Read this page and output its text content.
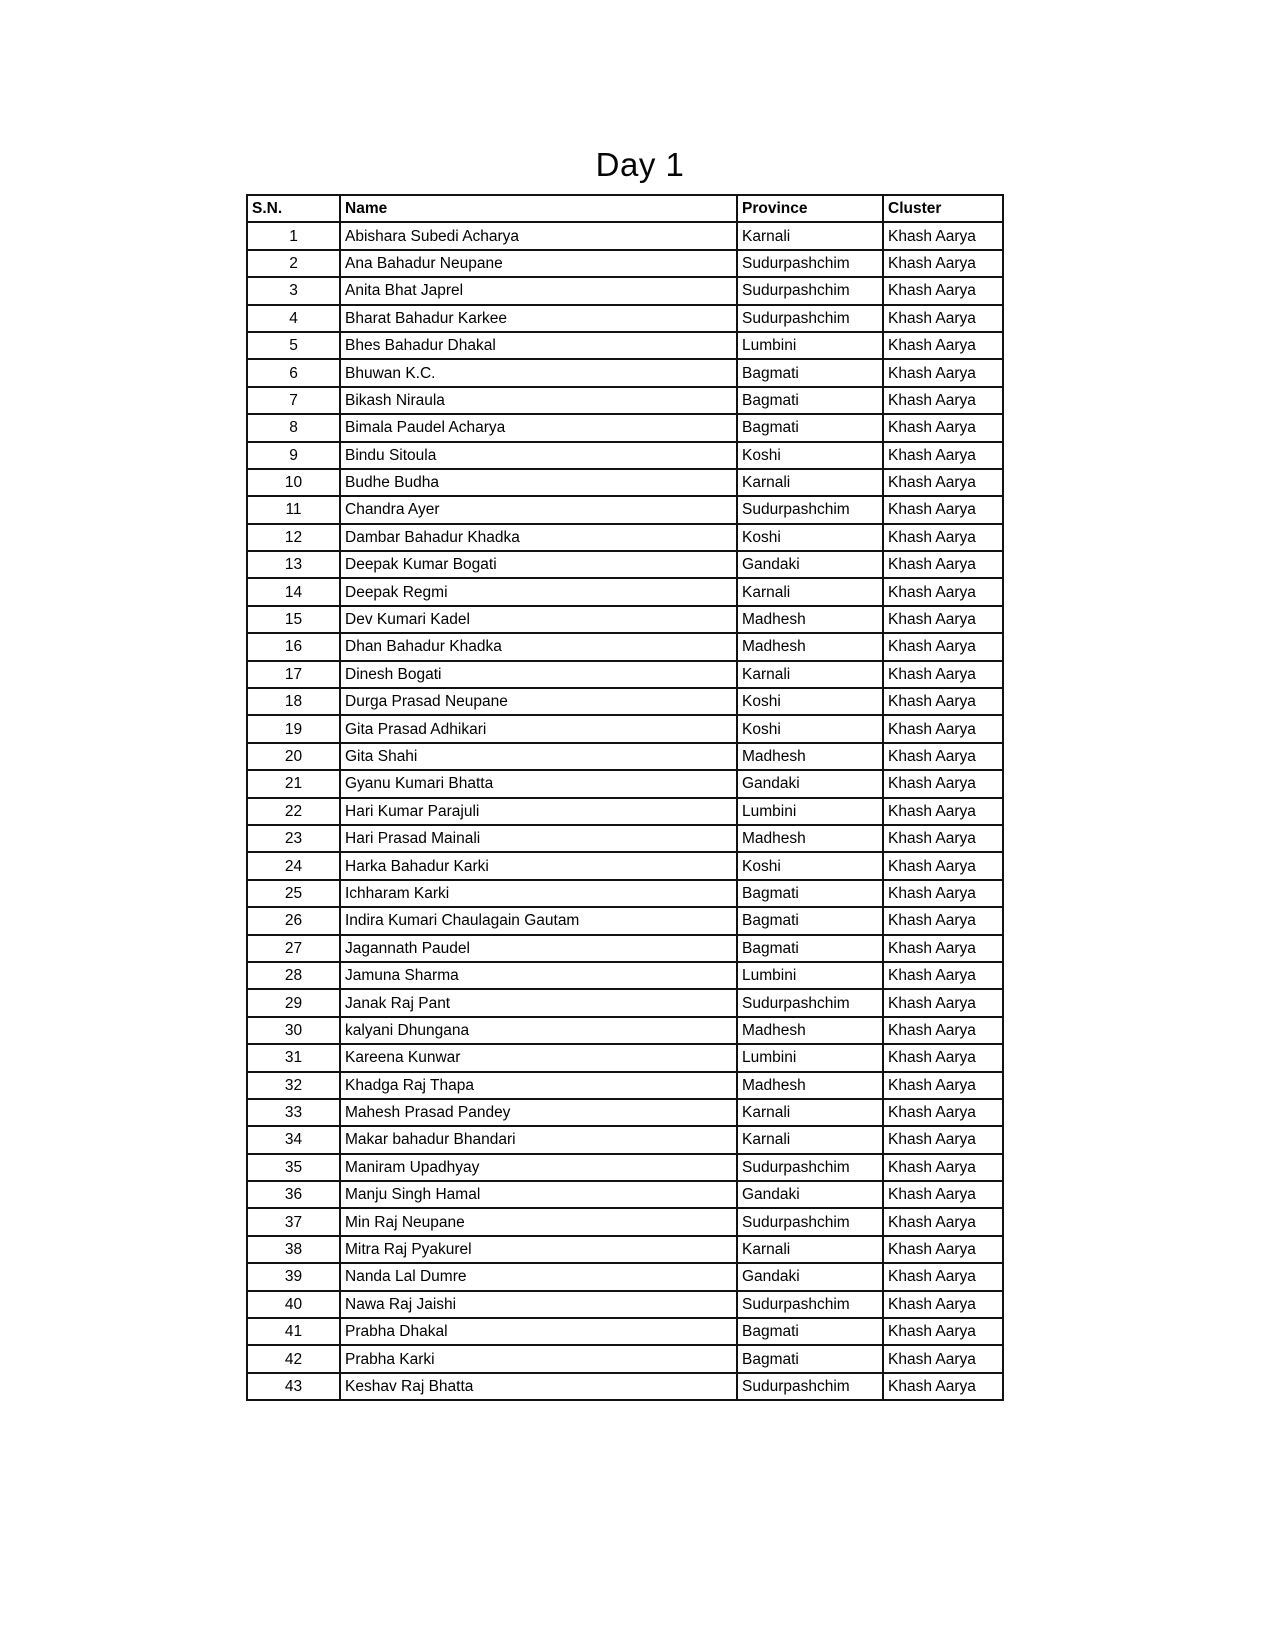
Day 1
S.N.	Name	Province	Cluster
1	Abishara Subedi Acharya	Karnali	Khash Aarya
2	Ana Bahadur Neupane	Sudurpashchim	Khash Aarya
3	Anita Bhat Japrel	Sudurpashchim	Khash Aarya
4	Bharat Bahadur Karkee	Sudurpashchim	Khash Aarya
5	Bhes Bahadur Dhakal	Lumbini	Khash Aarya
6	Bhuwan K.C.	Bagmati	Khash Aarya
7	Bikash Niraula	Bagmati	Khash Aarya
8	Bimala Paudel Acharya	Bagmati	Khash Aarya
9	Bindu Sitoula	Koshi	Khash Aarya
10	Budhe Budha	Karnali	Khash Aarya
11	Chandra Ayer	Sudurpashchim	Khash Aarya
12	Dambar Bahadur Khadka	Koshi	Khash Aarya
13	Deepak Kumar Bogati	Gandaki	Khash Aarya
14	Deepak Regmi	Karnali	Khash Aarya
15	Dev Kumari Kadel	Madhesh	Khash Aarya
16	Dhan Bahadur Khadka	Madhesh	Khash Aarya
17	Dinesh Bogati	Karnali	Khash Aarya
18	Durga Prasad Neupane	Koshi	Khash Aarya
19	Gita Prasad Adhikari	Koshi	Khash Aarya
20	Gita Shahi	Madhesh	Khash Aarya
21	Gyanu Kumari Bhatta	Gandaki	Khash Aarya
22	Hari Kumar Parajuli	Lumbini	Khash Aarya
23	Hari Prasad Mainali	Madhesh	Khash Aarya
24	Harka Bahadur Karki	Koshi	Khash Aarya
25	Ichharam Karki	Bagmati	Khash Aarya
26	Indira Kumari Chaulagain Gautam	Bagmati	Khash Aarya
27	Jagannath Paudel	Bagmati	Khash Aarya
28	Jamuna Sharma	Lumbini	Khash Aarya
29	Janak Raj Pant	Sudurpashchim	Khash Aarya
30	kalyani Dhungana	Madhesh	Khash Aarya
31	Kareena Kunwar	Lumbini	Khash Aarya
32	Khadga Raj Thapa	Madhesh	Khash Aarya
33	Mahesh Prasad Pandey	Karnali	Khash Aarya
34	Makar bahadur Bhandari	Karnali	Khash Aarya
35	Maniram Upadhyay	Sudurpashchim	Khash Aarya
36	Manju Singh Hamal	Gandaki	Khash Aarya
37	Min Raj Neupane	Sudurpashchim	Khash Aarya
38	Mitra Raj Pyakurel	Karnali	Khash Aarya
39	Nanda Lal Dumre	Gandaki	Khash Aarya
40	Nawa Raj Jaishi	Sudurpashchim	Khash Aarya
41	Prabha Dhakal	Bagmati	Khash Aarya
42	Prabha Karki	Bagmati	Khash Aarya
43	Keshav Raj Bhatta	Sudurpashchim	Khash Aarya
